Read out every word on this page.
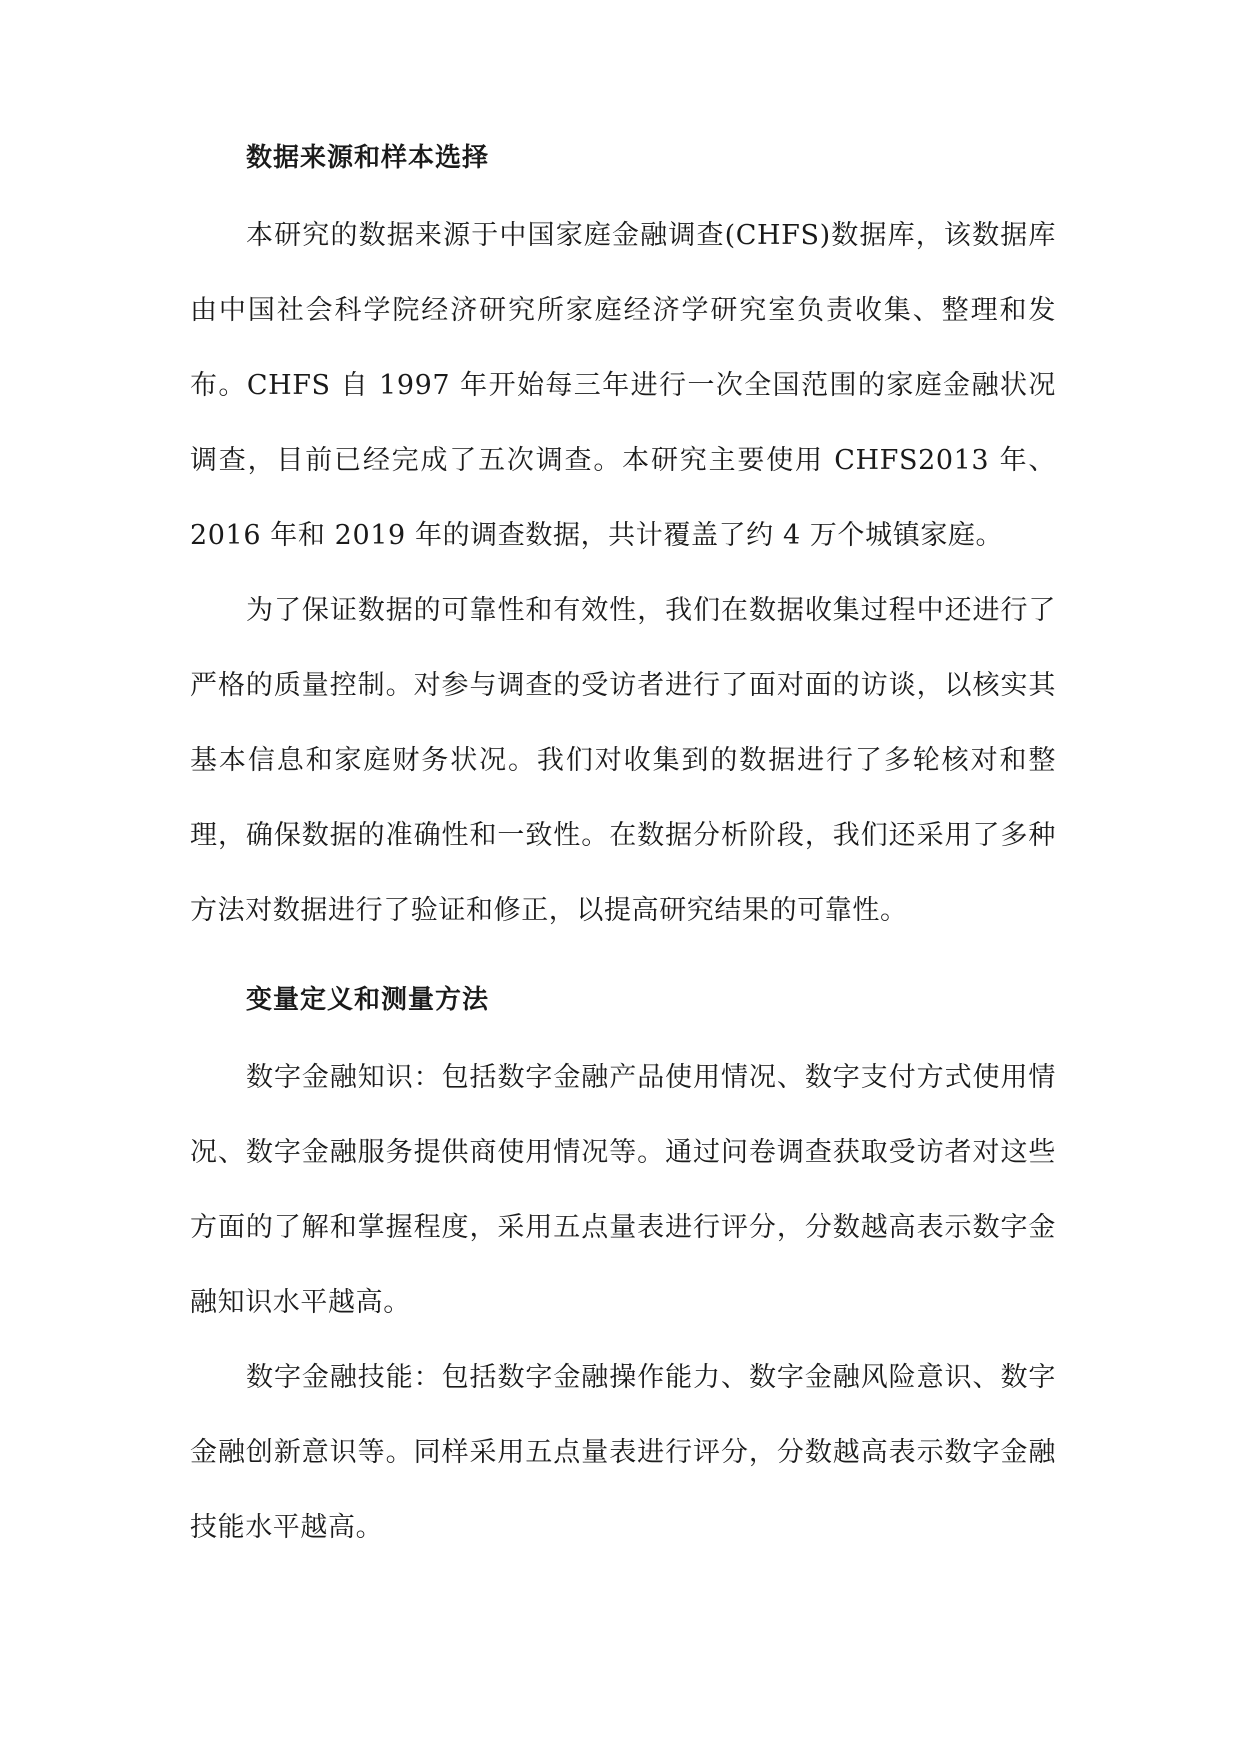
数据来源和样本选择

本研究的数据来源于中国家庭金融调查(CHFS)数据库，该数据库由中国社会科学院经济研究所家庭经济学研究室负责收集、整理和发布。CHFS 自 1997 年开始每三年进行一次全国范围的家庭金融状况调查，目前已经完成了五次调查。本研究主要使用 CHFS2013 年、2016 年和 2019 年的调查数据，共计覆盖了约 4 万个城镇家庭。

为了保证数据的可靠性和有效性，我们在数据收集过程中还进行了严格的质量控制。对参与调查的受访者进行了面对面的访谈，以核实其基本信息和家庭财务状况。我们对收集到的数据进行了多轮核对和整理，确保数据的准确性和一致性。在数据分析阶段，我们还采用了多种方法对数据进行了验证和修正，以提高研究结果的可靠性。

变量定义和测量方法

数字金融知识：包括数字金融产品使用情况、数字支付方式使用情况、数字金融服务提供商使用情况等。通过问卷调查获取受访者对这些方面的了解和掌握程度，采用五点量表进行评分，分数越高表示数字金融知识水平越高。

数字金融技能：包括数字金融操作能力、数字金融风险意识、数字金融创新意识等。同样采用五点量表进行评分，分数越高表示数字金融技能水平越高。
